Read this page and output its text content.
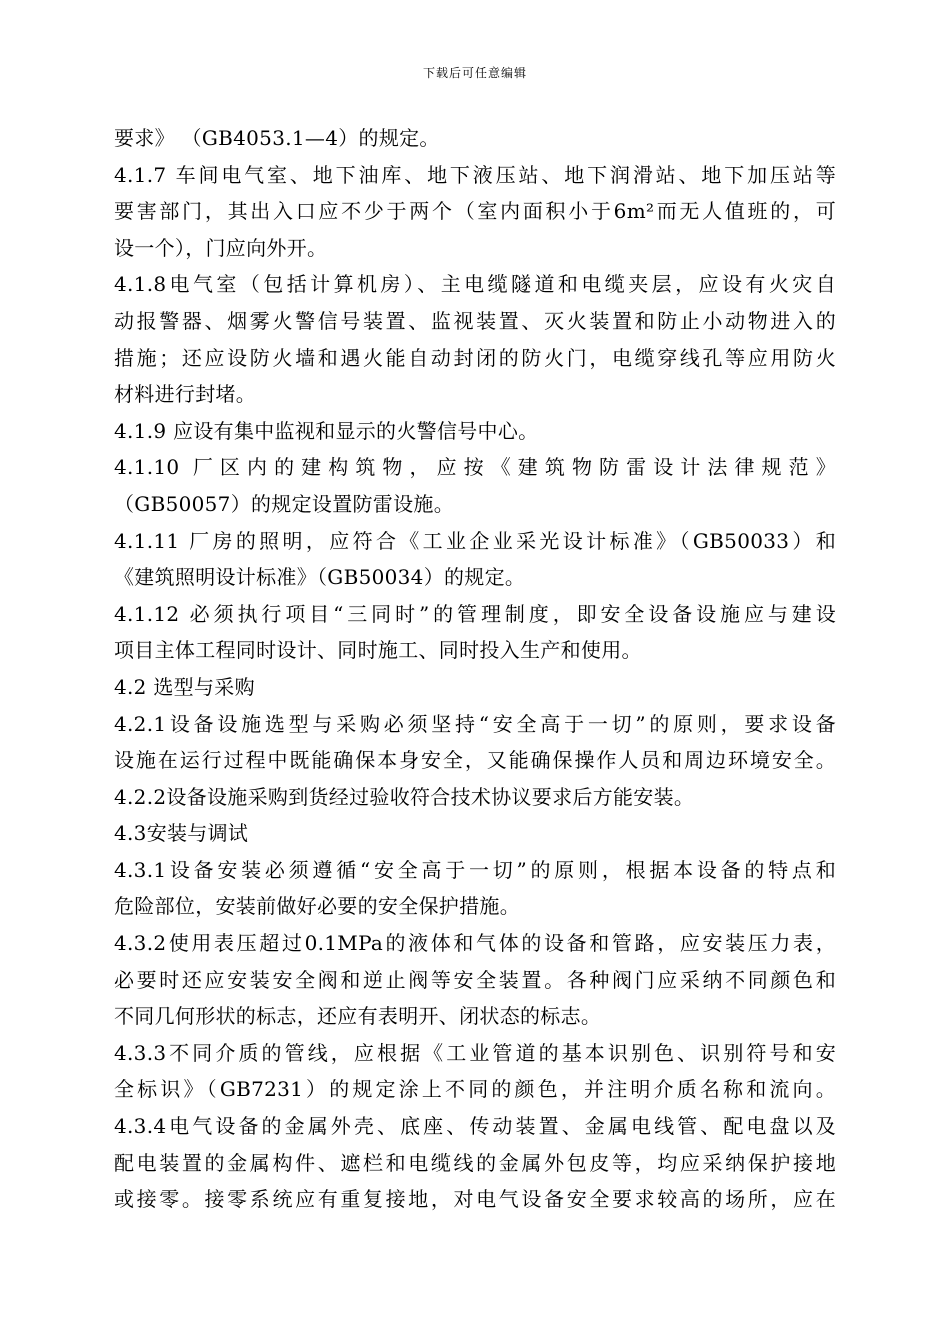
下载后可任意编辑
要求》 （GB4053.1—4）的规定。
4.1.7 车间电气室、地下油库、地下液压站、地下润滑站、地下加压站等
要害部门，其出入口应不少于两个（室内面积小于6m²而无人值班的，可
设一个），门应向外开。
4.1.8电气室（包括计算机房）、主电缆隧道和电缆夹层，应设有火灾自
动报警器、烟雾火警信号装置、监视装置、灭火装置和防止小动物进入的
措施；还应设防火墙和遇火能自动封闭的防火门，电缆穿线孔等应用防火
材料进行封堵。
4.1.9 应设有集中监视和显示的火警信号中心。
4.1.10 厂区内的建构筑物，应按《建筑物防雷设计法律规范》
（GB50057）的规定设置防雷设施。
4.1.11 厂房的照明，应符合《工业企业采光设计标准》（GB50033）和
《建筑照明设计标准》（GB50034）的规定。
4.1.12 必须执行项目“三同时”的管理制度，即安全设备设施应与建设
项目主体工程同时设计、同时施工、同时投入生产和使用。
4.2 选型与采购
4.2.1设备设施选型与采购必须坚持“安全高于一切”的原则，要求设备
设施在运行过程中既能确保本身安全，又能确保操作人员和周边环境安全。
4.2.2设备设施采购到货经过验收符合技术协议要求后方能安装。
4.3安装与调试
4.3.1设备安装必须遵循“安全高于一切”的原则，根据本设备的特点和
危险部位，安装前做好必要的安全保护措施。
4.3.2使用表压超过0.1MPa的液体和气体的设备和管路，应安装压力表，
必要时还应安装安全阀和逆止阀等安全装置。各种阀门应采纳不同颜色和
不同几何形状的标志，还应有表明开、闭状态的标志。
4.3.3不同介质的管线，应根据《工业管道的基本识别色、识别符号和安
全标识》（GB7231）的规定涂上不同的颜色，并注明介质名称和流向。
4.3.4电气设备的金属外壳、底座、传动装置、金属电线管、配电盘以及
配电装置的金属构件、遮栏和电缆线的金属外包皮等，均应采纳保护接地
或接零。接零系统应有重复接地，对电气设备安全要求较高的场所，应在
